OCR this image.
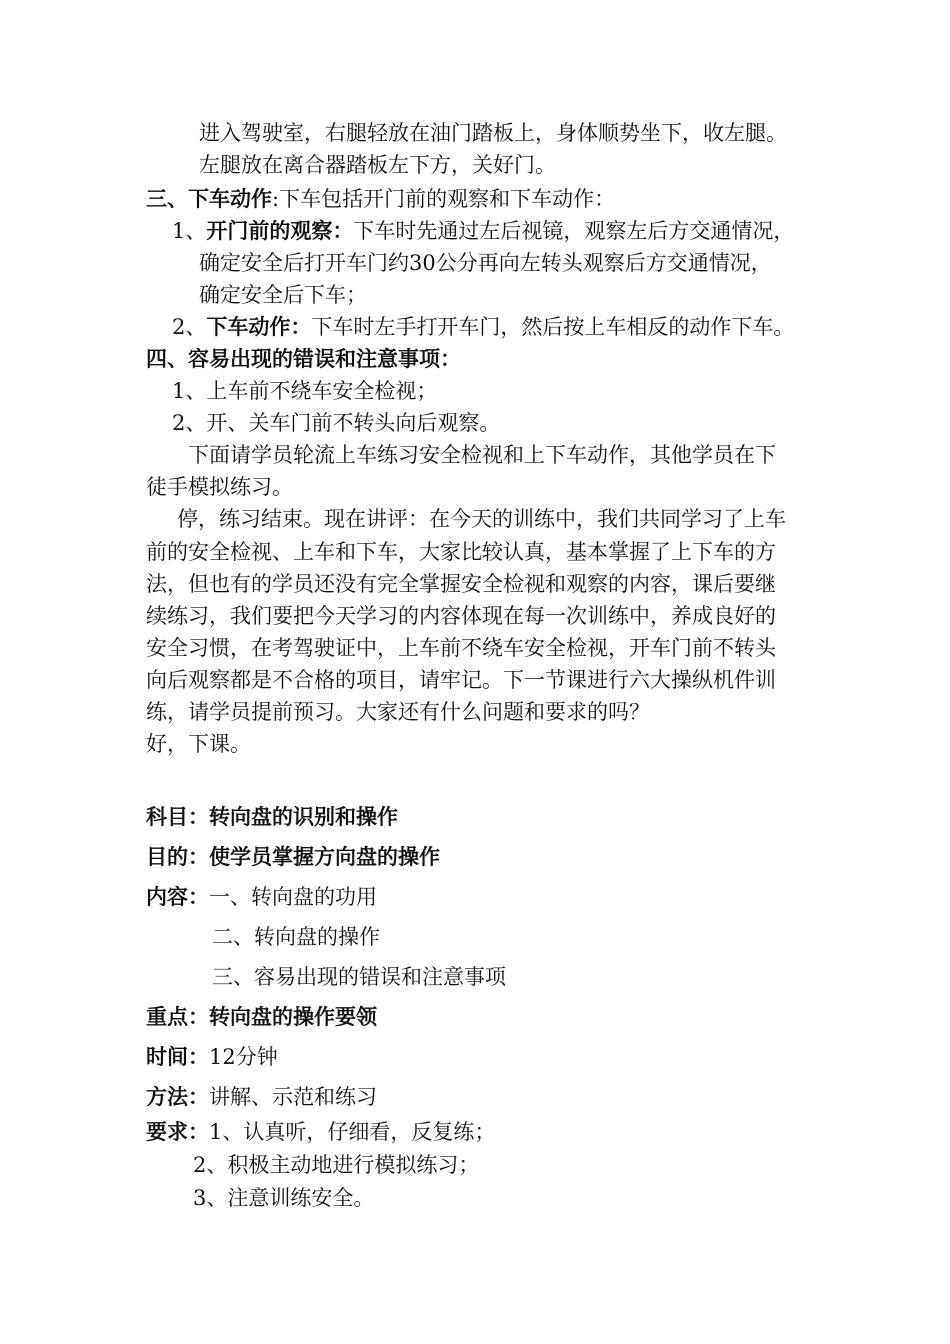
进入驾驶室，右腿轻放在油门踏板上，身体顺势坐下，收左腿。
左腿放在离合器踏板左下方，关好门。
三、下车动作:下车包括开门前的观察和下车动作：
1、开门前的观察：下车时先通过左后视镜，观察左后方交通情况，
确定安全后打开车门约30公分再向左转头观察后方交通情况，
确定安全后下车；
2、下车动作：下车时左手打开车门，然后按上车相反的动作下车。
四、容易出现的错误和注意事项：
1、上车前不绕车安全检视；
2、开、关车门前不转头向后观察。
下面请学员轮流上车练习安全检视和上下车动作，其他学员在下
徒手模拟练习。
停，练习结束。现在讲评：在今天的训练中，我们共同学习了上车
前的安全检视、上车和下车，大家比较认真，基本掌握了上下车的方
法，但也有的学员还没有完全掌握安全检视和观察的内容，课后要继
续练习，我们要把今天学习的内容体现在每一次训练中，养成良好的
安全习惯，在考驾驶证中，上车前不绕车安全检视，开车门前不转头
向后观察都是不合格的项目，请牢记。下一节课进行六大操纵机件训
练，请学员提前预习。大家还有什么问题和要求的吗？
好，下课。
科目：转向盘的识别和操作
目的：使学员掌握方向盘的操作
内容：一、转向盘的功用
二、转向盘的操作
三、容易出现的错误和注意事项
重点：转向盘的操作要领
时间：12分钟
方法：讲解、示范和练习
要求：1、认真听，仔细看，反复练；
2、积极主动地进行模拟练习；
3、注意训练安全。
